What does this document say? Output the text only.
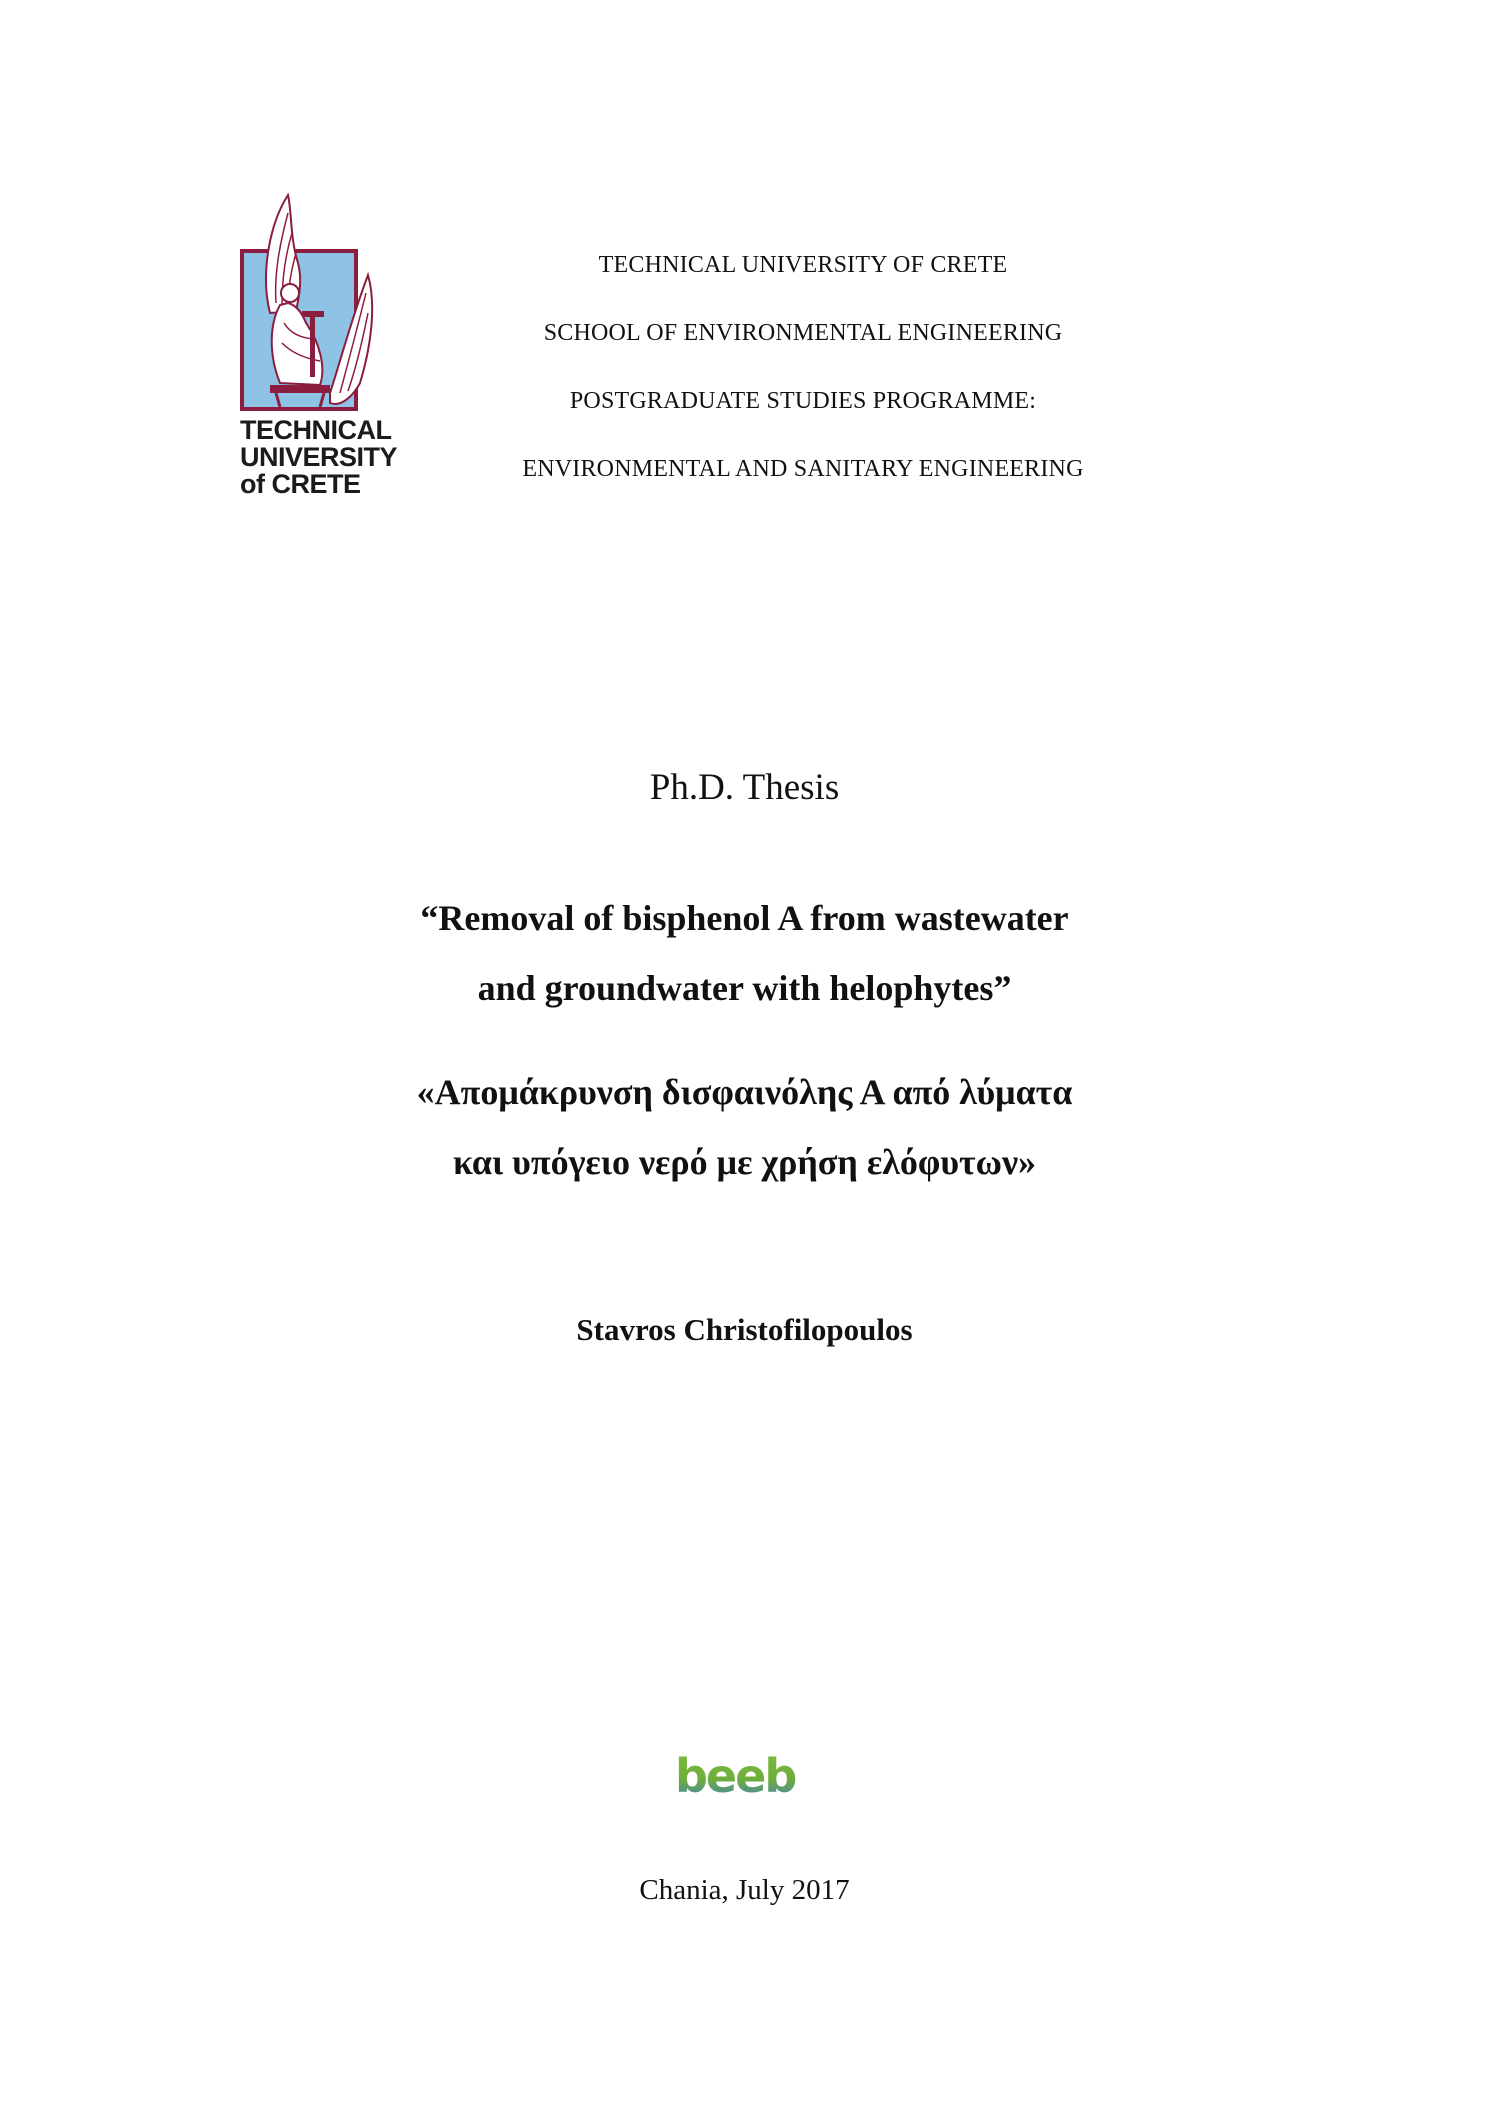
TECHNICAL
UNIVERSITY
of CRETE
TECHNICAL UNIVERSITY OF CRETE
SCHOOL OF ENVIRONMENTAL ENGINEERING
POSTGRADUATE STUDIES PROGRAMME:
ENVIRONMENTAL AND SANITARY ENGINEERING
Ph.D. Thesis
“Removal of bisphenol A from wastewater
and groundwater with helophytes”
«Απομάκρυνση δισφαινόλης Α από λύματα
και υπόγειο νερό με χρήση ελόφυτων»
Stavros Christofilopoulos
beeb
Chania, July 2017
